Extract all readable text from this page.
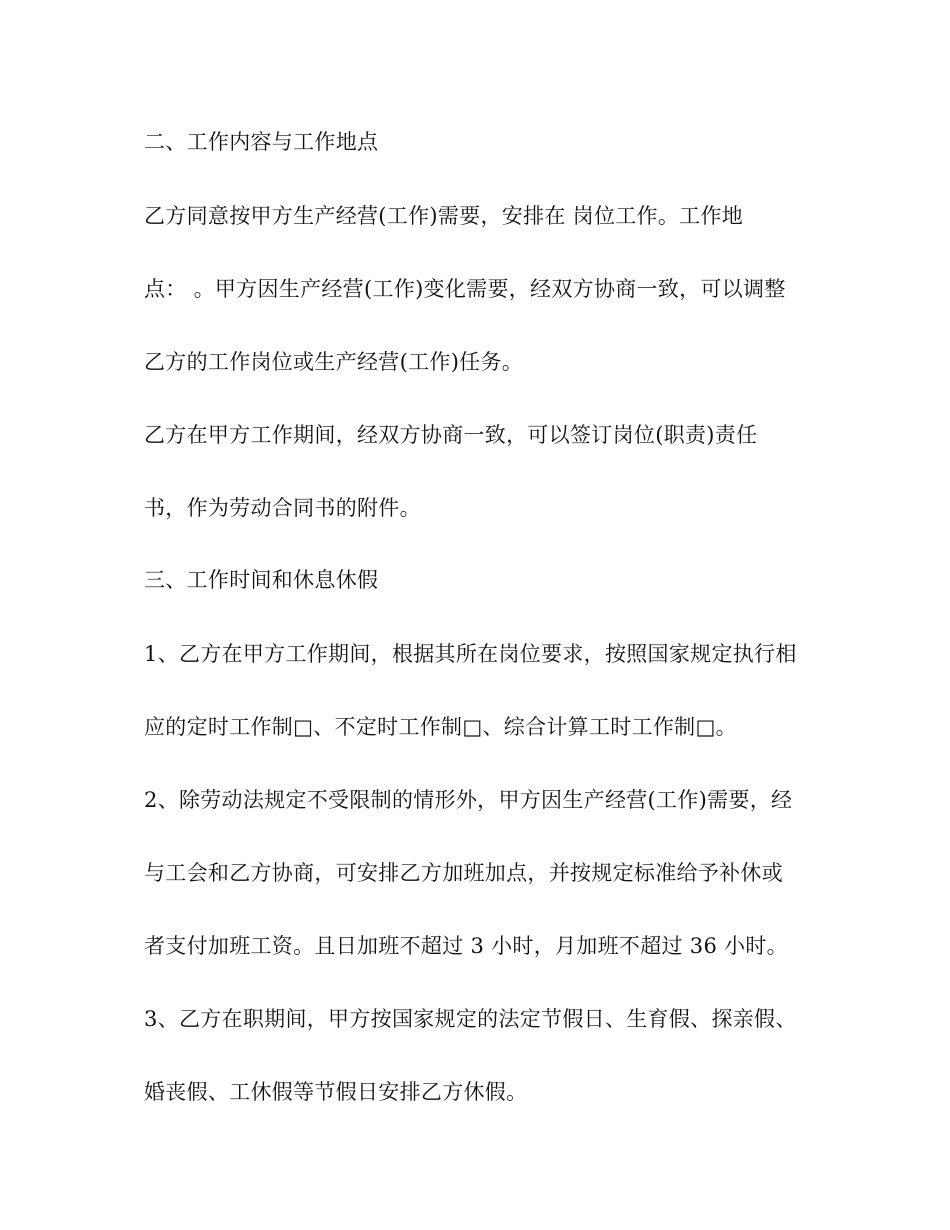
二、工作内容与工作地点
乙方同意按甲方生产经营(工作)需要，安排在 岗位工作。工作地
点： 。甲方因生产经营(工作)变化需要，经双方协商一致，可以调整
乙方的工作岗位或生产经营(工作)任务。
乙方在甲方工作期间，经双方协商一致，可以签订岗位(职责)责任
书，作为劳动合同书的附件。
三、工作时间和休息休假
1、乙方在甲方工作期间，根据其所在岗位要求，按照国家规定执行相
应的定时工作制□、不定时工作制□、综合计算工时工作制□。
2、除劳动法规定不受限制的情形外，甲方因生产经营(工作)需要，经
与工会和乙方协商，可安排乙方加班加点，并按规定标准给予补休或
者支付加班工资。且日加班不超过 3 小时，月加班不超过 36 小时。
3、乙方在职期间，甲方按国家规定的法定节假日、生育假、探亲假、
婚丧假、工休假等节假日安排乙方休假。
